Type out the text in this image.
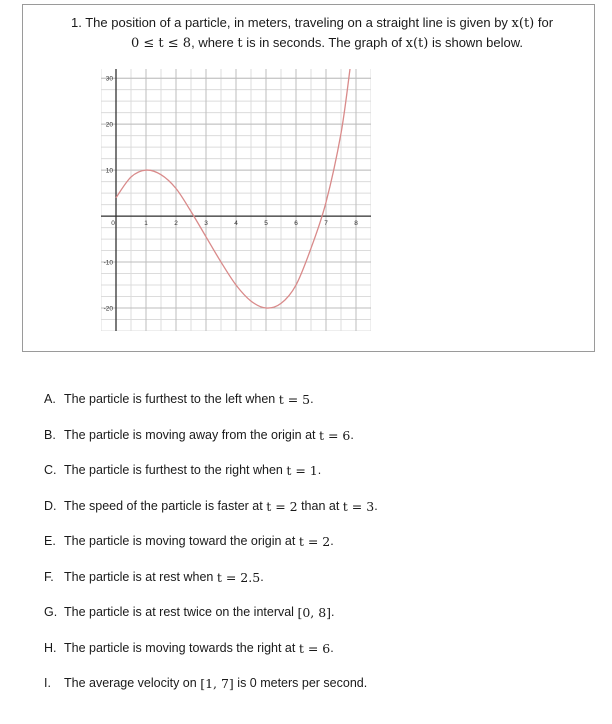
1. The position of a particle, in meters, traveling on a straight line is given by x(t) for
0 ≤ t ≤ 8, where t is in seconds. The graph of x(t) is shown below.
0	1	2	3	4	5	6	7	8
30
20
10
-10
-20
A. The particle is furthest to the left when t = 5 .
B. The particle is moving away from the origin at t = 6 .
C. The particle is furthest to the right when t = 1 .
D. The speed of the particle is faster at t = 2 than at t = 3 .
E. The particle is moving toward the origin at t = 2 .
F. The particle is at rest when t = 2.5 .
G. The particle is at rest twice on the interval [0, 8] .
H. The particle is moving towards the right at t = 6 .
I.	The average velocity on [1, 7] is 0 meters per second.
